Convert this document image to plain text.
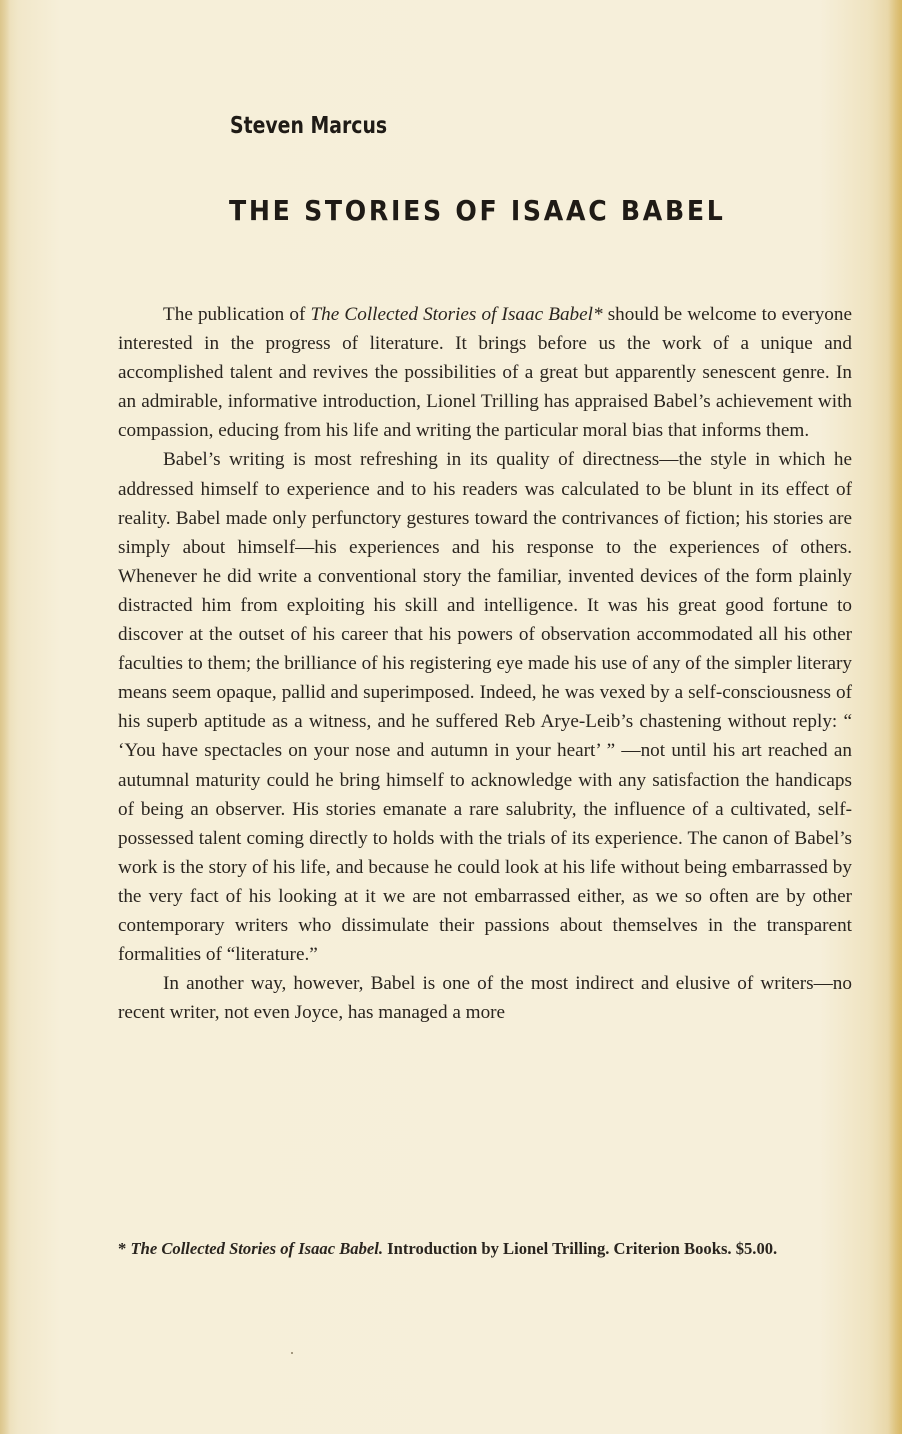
Steven Marcus
THE STORIES OF ISAAC BABEL

The publication of The Collected Stories of Isaac Babel* should be welcome to everyone interested in the progress of literature. It brings before us the work of a unique and accomplished talent and revives the possibilities of a great but apparently senescent genre. In an admirable, informative introduction, Lionel Trilling has appraised Babel’s achievement with compassion, educing from his life and writing the particular moral bias that informs them.

Babel’s writing is most refreshing in its quality of directness—the style in which he addressed himself to experience and to his readers was calculated to be blunt in its effect of reality. Babel made only perfunctory gestures toward the contrivances of fiction; his stories are simply about himself—his experiences and his response to the experiences of others. Whenever he did write a conventional story the familiar, invented devices of the form plainly distracted him from exploiting his skill and intelligence. It was his great good fortune to discover at the outset of his career that his powers of observation accommodated all his other faculties to them; the brilliance of his registering eye made his use of any of the simpler literary means seem opaque, pallid and superimposed. Indeed, he was vexed by a self-consciousness of his superb aptitude as a witness, and he suffered Reb Arye-Leib’s chastening without reply: “ ‘You have spectacles on your nose and autumn in your heart’ ” —not until his art reached an autumnal maturity could he bring himself to acknowledge with any satisfaction the handicaps of being an observer. His stories emanate a rare salubrity, the influence of a cultivated, self-possessed talent coming directly to holds with the trials of its experience. The canon of Babel’s work is the story of his life, and because he could look at his life without being embarrassed by the very fact of his looking at it we are not embarrassed either, as we so often are by other contemporary writers who dissimulate their passions about themselves in the transparent formalities of “literature.”

In another way, however, Babel is one of the most indirect and elusive of writers—no recent writer, not even Joyce, has managed a more

* The Collected Stories of Isaac Babel. Introduction by Lionel Trilling. Criterion Books. $5.00.
